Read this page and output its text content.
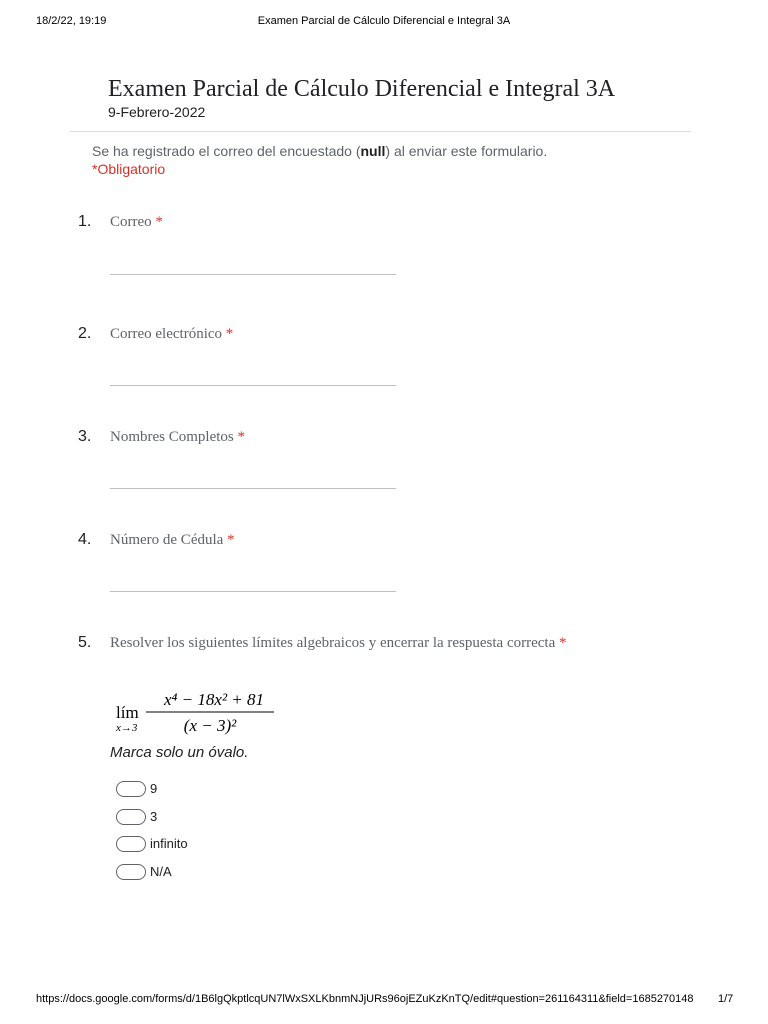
18/2/22, 19:19	Examen Parcial de Cálculo Diferencial e Integral 3A
Examen Parcial de Cálculo Diferencial e Integral 3A
9-Febrero-2022
Se ha registrado el correo del encuestado (null) al enviar este formulario.
*Obligatorio
1. Correo *
2. Correo electrónico *
3. Nombres Completos *
4. Número de Cédula *
5. Resolver los siguientes límites algebraicos y encerrar la respuesta correcta *
lím
x→3
x⁴ − 18x² + 81
(x − 3)²
Marca solo un óvalo.
9
3
infinito
N/A
https://docs.google.com/forms/d/1B6lgQkptlcqUN7lWxSXLKbnmNJjURs96ojEZuKzKnTQ/edit#question=261164311&field=1685270148 1/7
